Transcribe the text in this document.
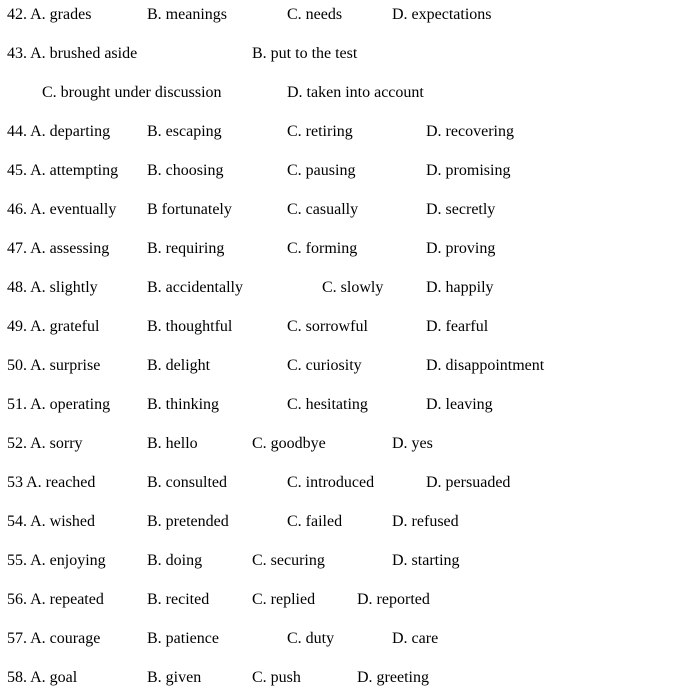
42. A. grades	B. meanings	C. needs	D. expectations
43. A. brushed aside	B. put to the test
C. brought under discussion	D. taken into account
44. A. departing B. escaping	C. retiring	D. recovering
45. A. attempting B. choosing	C. pausing	D. promising
46. A. eventually B fortunately	C. casually	D. secretly
47. A. assessing B. requiring	C. forming	D. proving
48. A. slightly	B. accidentally	C. slowly	D. happily
49. A. grateful	B. thoughtful	C. sorrowful	D. fearful
50. A. surprise	B. delight	C. curiosity	D. disappointment
51. A. operating B. thinking	C. hesitating	D. leaving
52. A. sorry	B. hello	C. goodbye	D. yes
53 A. reached	B. consulted	C. introduced	D. persuaded
54. A. wished	B. pretended	C. failed	D. refused
55. A. enjoying	B. doing	C. securing	D. starting
56. A. repeated	B. recited	C. replied	D. reported
57. A. courage	B. patience	C. duty	D. care
58. A. goal	B. given	C. push	D. greeting
